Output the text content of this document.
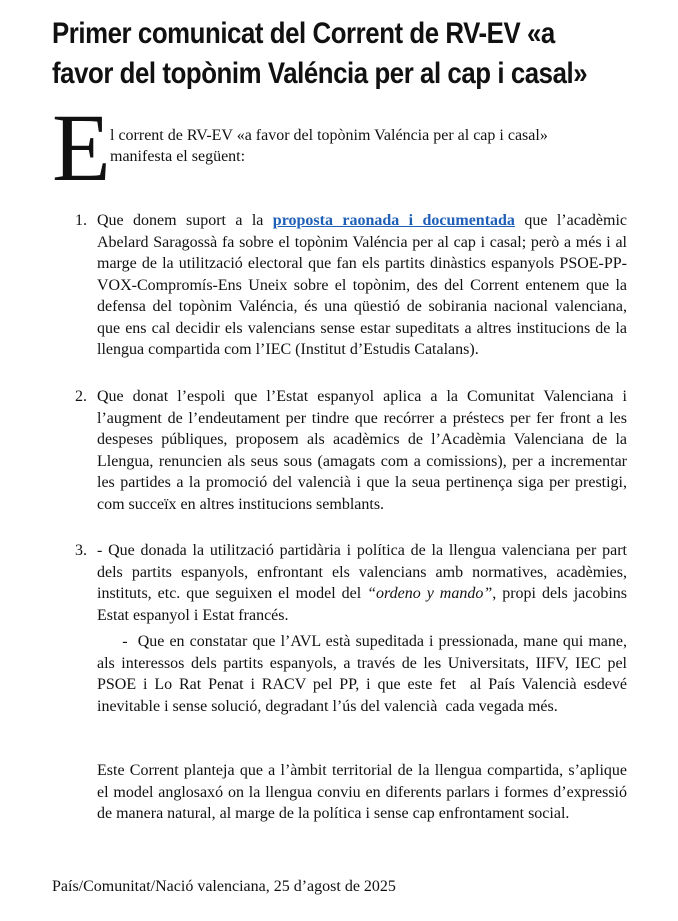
Primer comunicat del Corrent de RV-EV «a
favor del topònim Valéncia per al cap i casal»
E l corrent de RV-EV «a favor del topònim Valéncia per al cap i casal»
manifesta el següent:
1. Que donem suport a la proposta raonada i documentada que l’acadèmic Abelard Saragossà fa sobre el topònim Valéncia per al cap i casal; però a més i al marge de la utilització electoral que fan els partits dinàstics espanyols PSOE-PP-VOX-Compromís-Ens Uneix sobre el topònim, des del Corrent entenem que la defensa del topònim Valéncia, és una qüestió de sobirania nacional valenciana, que ens cal decidir els valencians sense estar supeditats a altres institucions de la llengua compartida com l’IEC (Institut d’Estudis Catalans).
2. Que donat l’espoli que l’Estat espanyol aplica a la Comunitat Valenciana i l’augment de l’endeutament per tindre que recórrer a préstecs per fer front a les despeses públiques, proposem als acadèmics de l’Acadèmia Valenciana de la Llengua, renuncien als seus sous (amagats com a comissions), per a incrementar les partides a la promoció del valencià i que la seua pertinença siga per prestigi, com succeïx en altres institucions semblants.
3. - Que donada la utilització partidària i política de la llengua valenciana per part dels partits espanyols, enfrontant els valencians amb normatives, acadèmies, instituts, etc. que seguixen el model del “ordeno y mando”, propi dels jacobins Estat espanyol i Estat francés.
-  Que en constatar que l’AVL està supeditada i pressionada, mane qui mane, als interessos dels partits espanyols, a través de les Universitats, IIFV, IEC pel PSOE i Lo Rat Penat i RACV pel PP, i que este fet  al País Valencià esdevé inevitable i sense solució, degradant l’ús del valencià  cada vegada més.
Este Corrent planteja que a l’àmbit territorial de la llengua compartida, s’aplique el model anglosaxó on la llengua conviu en diferents parlars i formes d’expressió de manera natural, al marge de la política i sense cap enfrontament social.
País/Comunitat/Nació valenciana, 25 d’agost de 2025
